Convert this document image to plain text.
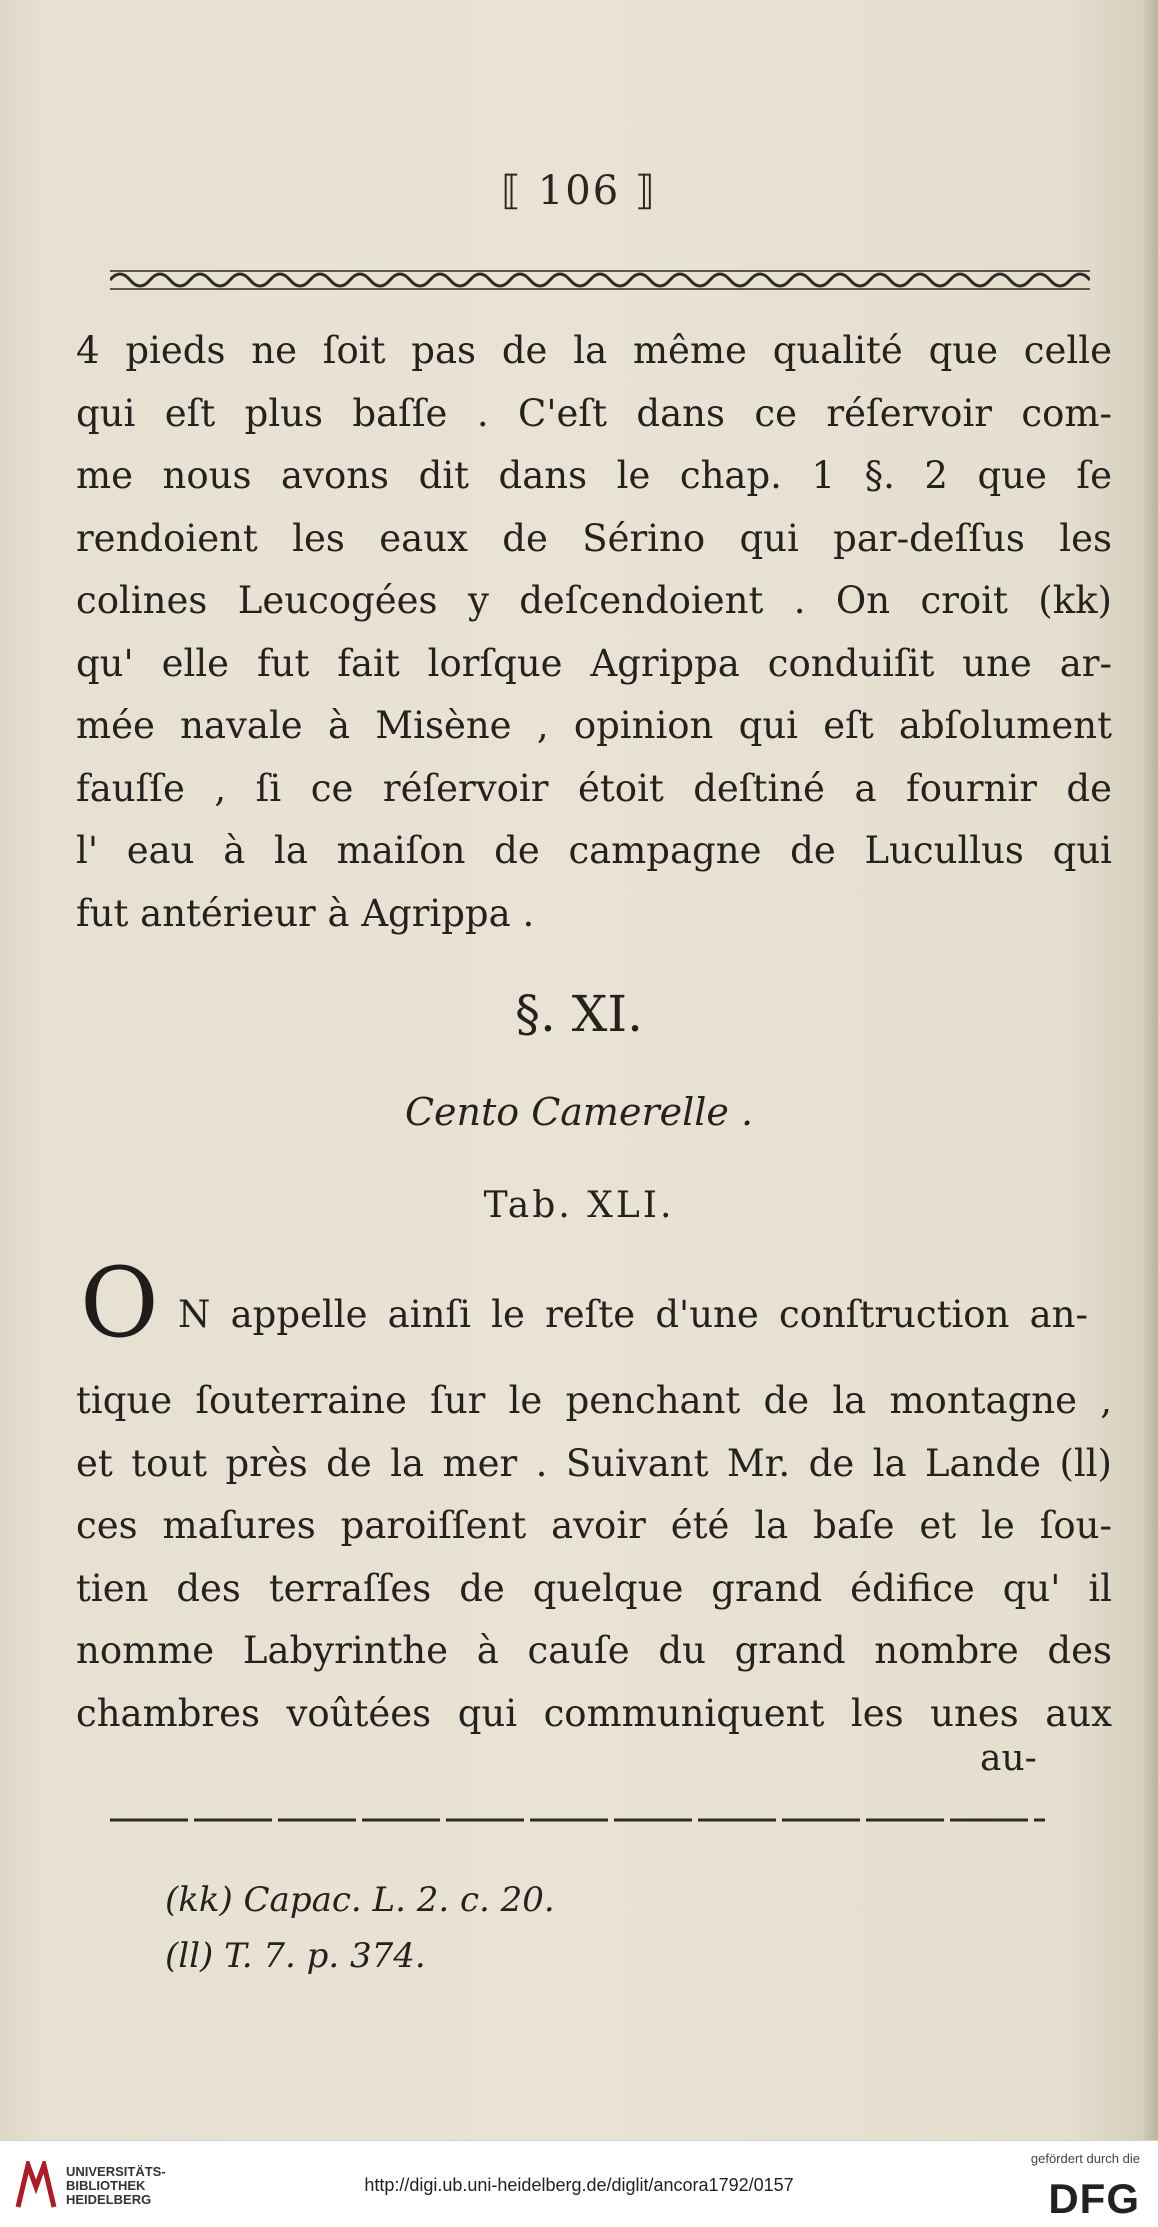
⟦ 106 ⟧
4 pieds ne ſoit pas de la même qualité que celle
qui eſt plus baſſe . C'eſt dans ce réſervoir com-
me nous avons dit dans le chap. 1 §. 2 que ſe
rendoient les eaux de Sérino qui par-deſſus les
colines Leucogées y deſcendoient . On croit (kk)
qu' elle fut fait lorſque Agrippa conduiſit une ar-
mée navale à Misène , opinion qui eſt abſolument
fauſſe , ſi ce réſervoir étoit deſtiné a fournir de
l' eau à la maiſon de campagne de Lucullus qui
fut antérieur à Agrippa .
§. XI.
Cento Camerelle .
Tab. XLI.
O N appelle ainſi le reſte d'une conſtruction an-
tique ſouterraine ſur le penchant de la montagne ,
et tout près de la mer . Suivant Mr. de la Lande (ll)
ces maſures paroiſſent avoir été la baſe et le ſou-
tien des terraſſes de quelque grand édifice qu' il
nomme Labyrinthe à cauſe du grand nombre des
chambres voûtées qui communiquent les unes aux
au-
(kk) Capac. L. 2. c. 20.
(ll) T. 7. p. 374.
UNIVERSITÄTS-
BIBLIOTHEK
HEIDELBERG
http://digi.ub.uni-heidelberg.de/diglit/ancora1792/0157
gefördert durch die
DFG
